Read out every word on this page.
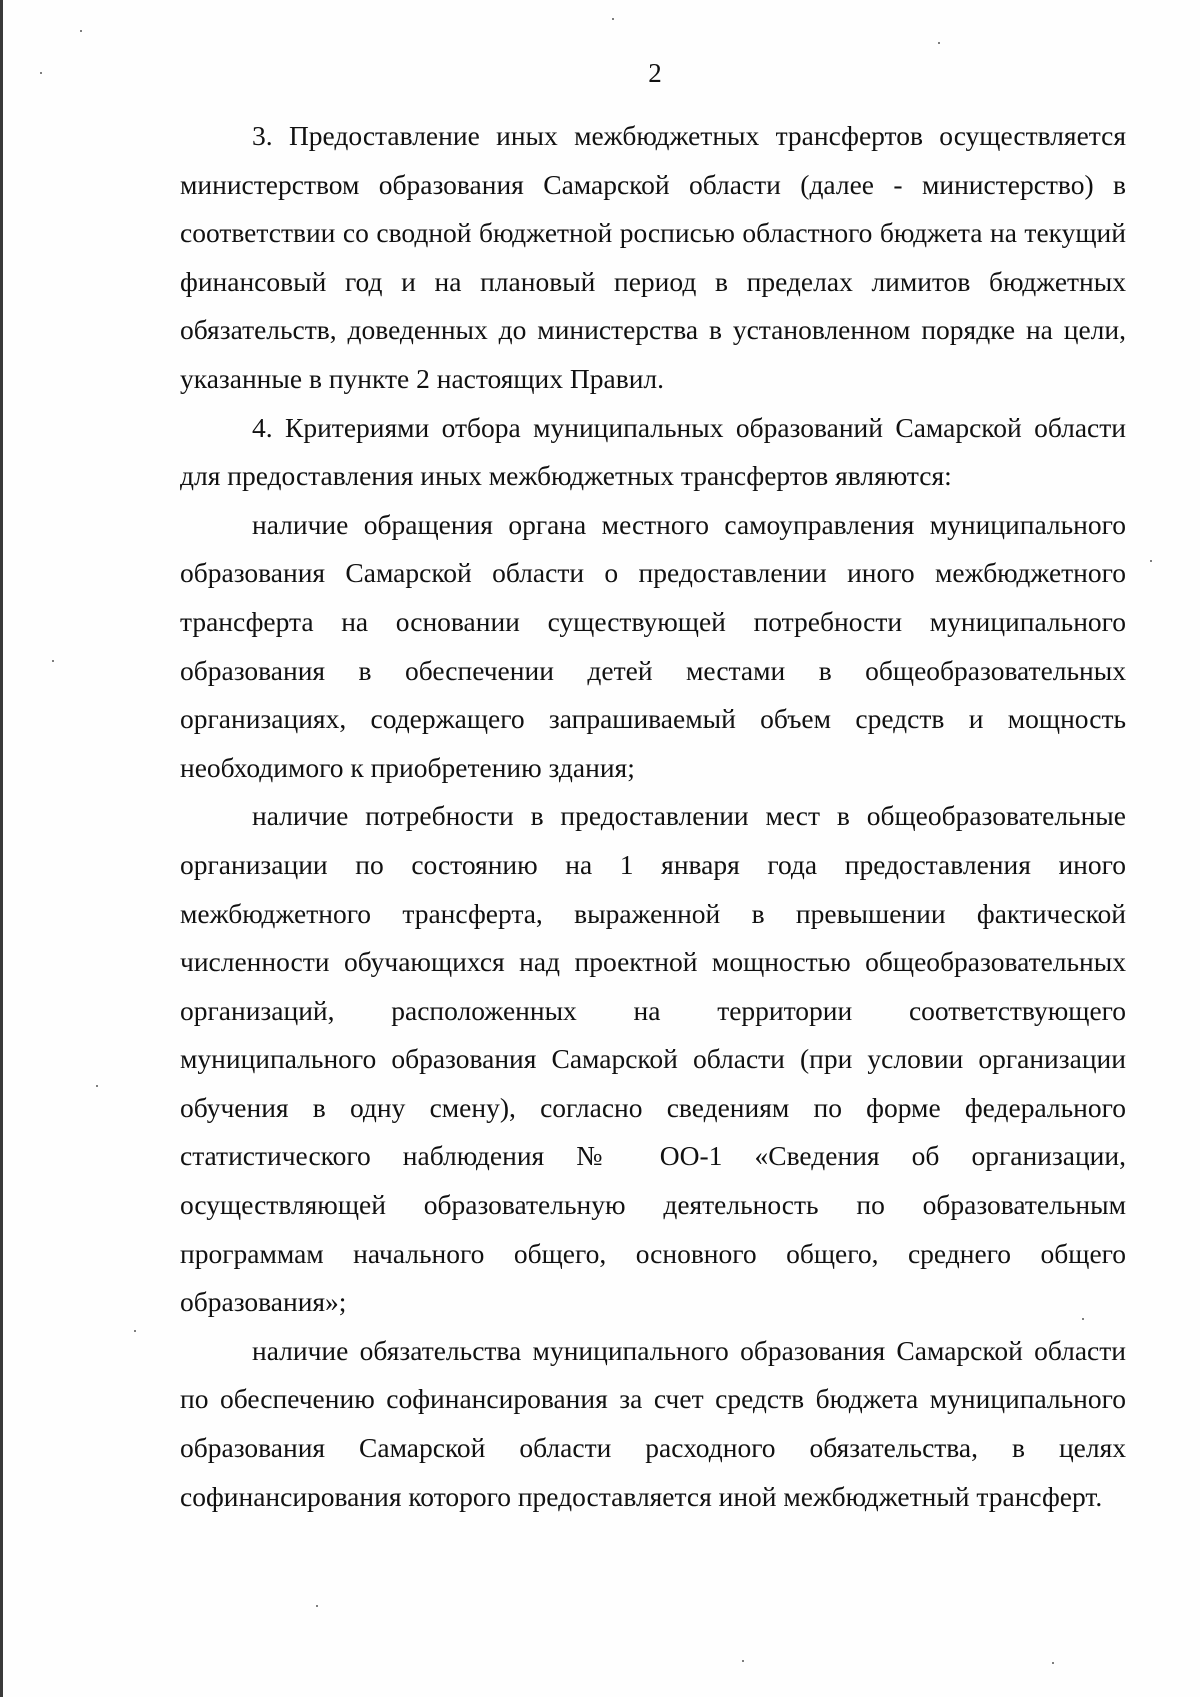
2

3. Предоставление иных межбюджетных трансфертов осуществляется министерством образования Самарской области (далее - министерство) в соответствии со сводной бюджетной росписью областного бюджета на текущий финансовый год и на плановый период в пределах лимитов бюджетных обязательств, доведенных до министерства в установленном порядке на цели, указанные в пункте 2 настоящих Правил.

4. Критериями отбора муниципальных образований Самарской области для предоставления иных межбюджетных трансфертов являются:

наличие обращения органа местного самоуправления муниципального образования Самарской области о предоставлении иного межбюджетного трансферта на основании существующей потребности муниципального образования в обеспечении детей местами в общеобразовательных организациях, содержащего запрашиваемый объем средств и мощность необходимого к приобретению здания;

наличие потребности в предоставлении мест в общеобразовательные организации по состоянию на 1 января года предоставления иного межбюджетного трансферта, выраженной в превышении фактической численности обучающихся над проектной мощностью общеобразовательных организаций, расположенных на территории соответствующего муниципального образования Самарской области (при условии организации обучения в одну смену), согласно сведениям по форме федерального статистического наблюдения № ОО-1 «Сведения об организации, осуществляющей образовательную деятельность по образовательным программам начального общего, основного общего, среднего общего образования»;

наличие обязательства муниципального образования Самарской области по обеспечению софинансирования за счет средств бюджета муниципального образования Самарской области расходного обязательства, в целях софинансирования которого предоставляется иной межбюджетный трансферт.
